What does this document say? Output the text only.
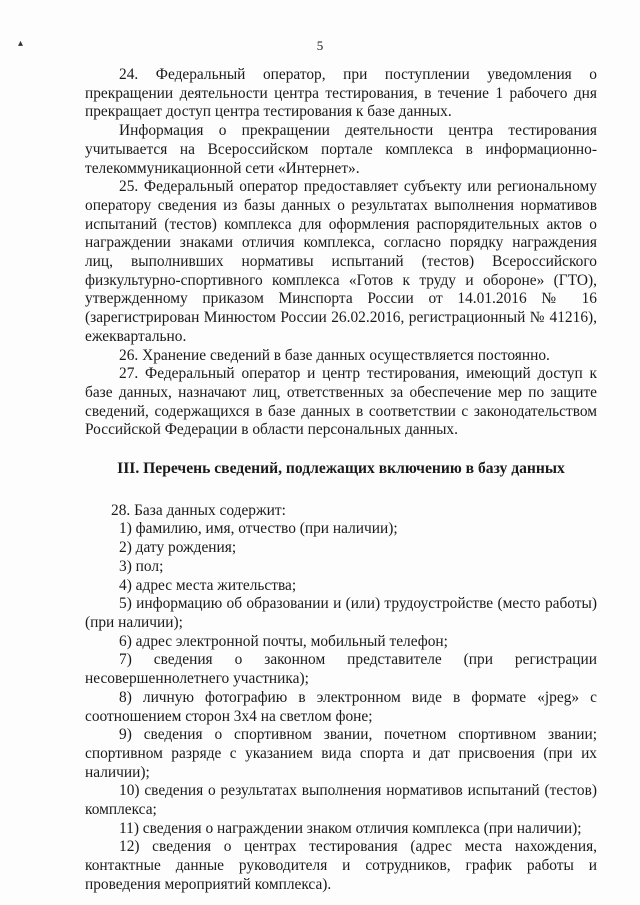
▴	5

24. Федеральный оператор, при поступлении уведомления о прекращении деятельности центра тестирования, в течение 1 рабочего дня прекращает доступ центра тестирования к базе данных.

Информация о прекращении деятельности центра тестирования учитывается на Всероссийском портале комплекса в информационно-телекоммуникационной сети «Интернет».

25. Федеральный оператор предоставляет субъекту или региональному оператору сведения из базы данных о результатах выполнения нормативов испытаний (тестов) комплекса для оформления распорядительных актов о награждении знаками отличия комплекса, согласно порядку награждения лиц, выполнивших нормативы испытаний (тестов) Всероссийского физкультурно-спортивного комплекса «Готов к труду и обороне» (ГТО), утвержденному приказом Минспорта России от 14.01.2016 № 16 (зарегистрирован Минюстом России 26.02.2016, регистрационный № 41216), ежеквартально.

26. Хранение сведений в базе данных осуществляется постоянно.

27. Федеральный оператор и центр тестирования, имеющий доступ к базе данных, назначают лиц, ответственных за обеспечение мер по защите сведений, содержащихся в базе данных в соответствии с законодательством Российской Федерации в области персональных данных.

III. Перечень сведений, подлежащих включению в базу данных

28. База данных содержит:

1) фамилию, имя, отчество (при наличии);

2) дату рождения;

3) пол;

4) адрес места жительства;

5) информацию об образовании и (или) трудоустройстве (место работы) (при наличии);

6) адрес электронной почты, мобильный телефон;

7) сведения о законном представителе (при регистрации несовершеннолетнего участника);

8) личную фотографию в электронном виде в формате «jpeg» с соотношением сторон 3х4 на светлом фоне;

9) сведения о спортивном звании, почетном спортивном звании; спортивном разряде с указанием вида спорта и дат присвоения (при их наличии);

10) сведения о результатах выполнения нормативов испытаний (тестов) комплекса;

11) сведения о награждении знаком отличия комплекса (при наличии);

12) сведения о центрах тестирования (адрес места нахождения, контактные данные руководителя и сотрудников, график работы и проведения мероприятий комплекса).
